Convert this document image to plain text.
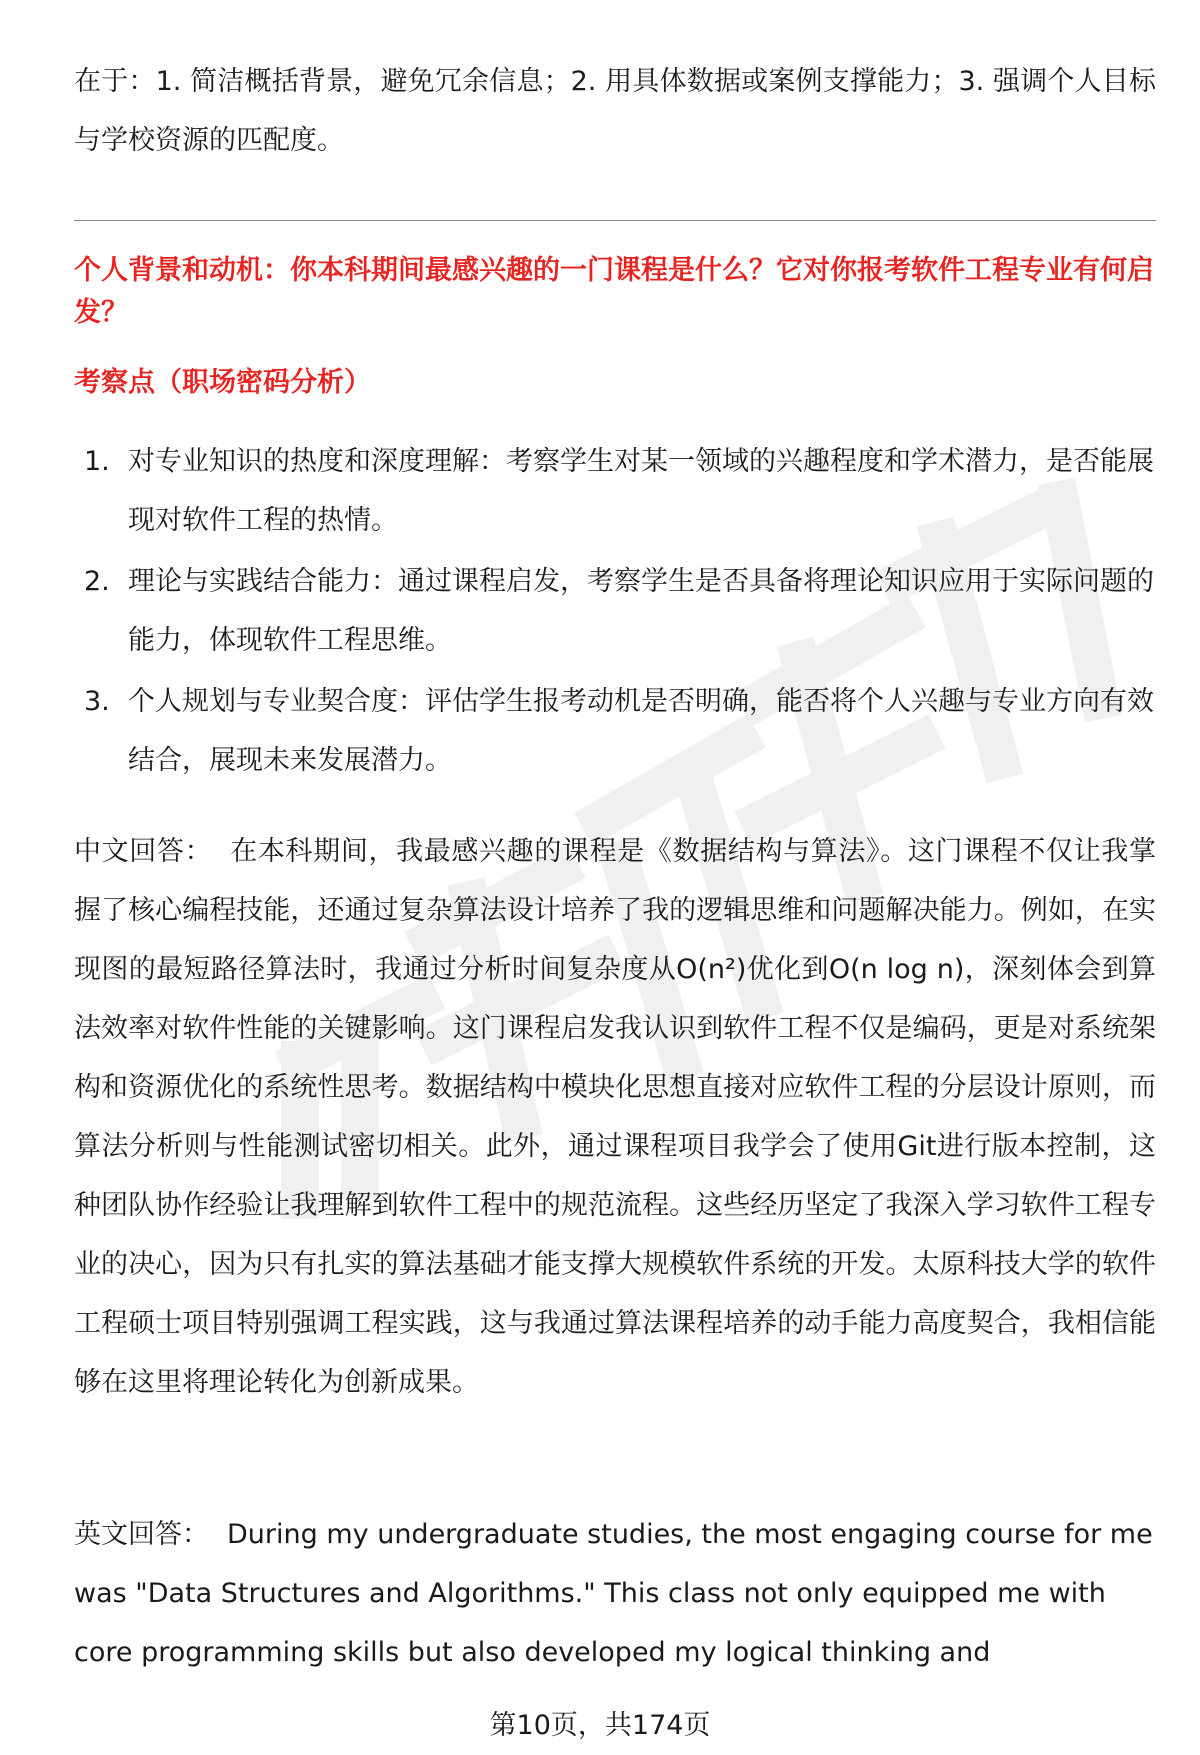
在于：1. 简洁概括背景，避免冗余信息；2. 用具体数据或案例支撑能力；3. 强调个人目标与学校资源的匹配度。

个人背景和动机：你本科期间最感兴趣的一门课程是什么？它对你报考软件工程专业有何启发？

考察点（职场密码分析）

1. 对专业知识的热度和深度理解：考察学生对某一领域的兴趣程度和学术潜力，是否能展现对软件工程的热情。
2. 理论与实践结合能力：通过课程启发，考察学生是否具备将理论知识应用于实际问题的能力，体现软件工程思维。
3. 个人规划与专业契合度：评估学生报考动机是否明确，能否将个人兴趣与专业方向有效结合，展现未来发展潜力。

中文回答： 在本科期间，我最感兴趣的课程是《数据结构与算法》。这门课程不仅让我掌握了核心编程技能，还通过复杂算法设计培养了我的逻辑思维和问题解决能力。例如，在实现图的最短路径算法时，我通过分析时间复杂度从O(n²)优化到O(n log n)，深刻体会到算法效率对软件性能的关键影响。这门课程启发我认识到软件工程不仅是编码，更是对系统架构和资源优化的系统性思考。数据结构中模块化思想直接对应软件工程的分层设计原则，而算法分析则与性能测试密切相关。此外，通过课程项目我学会了使用Git进行版本控制，这种团队协作经验让我理解到软件工程中的规范流程。这些经历坚定了我深入学习软件工程专业的决心，因为只有扎实的算法基础才能支撑大规模软件系统的开发。太原科技大学的软件工程硕士项目特别强调工程实践，这与我通过算法课程培养的动手能力高度契合，我相信能够在这里将理论转化为创新成果。

英文回答： During my undergraduate studies, the most engaging course for me was "Data Structures and Algorithms." This class not only equipped me with core programming skills but also developed my logical thinking and

第10页，共174页
